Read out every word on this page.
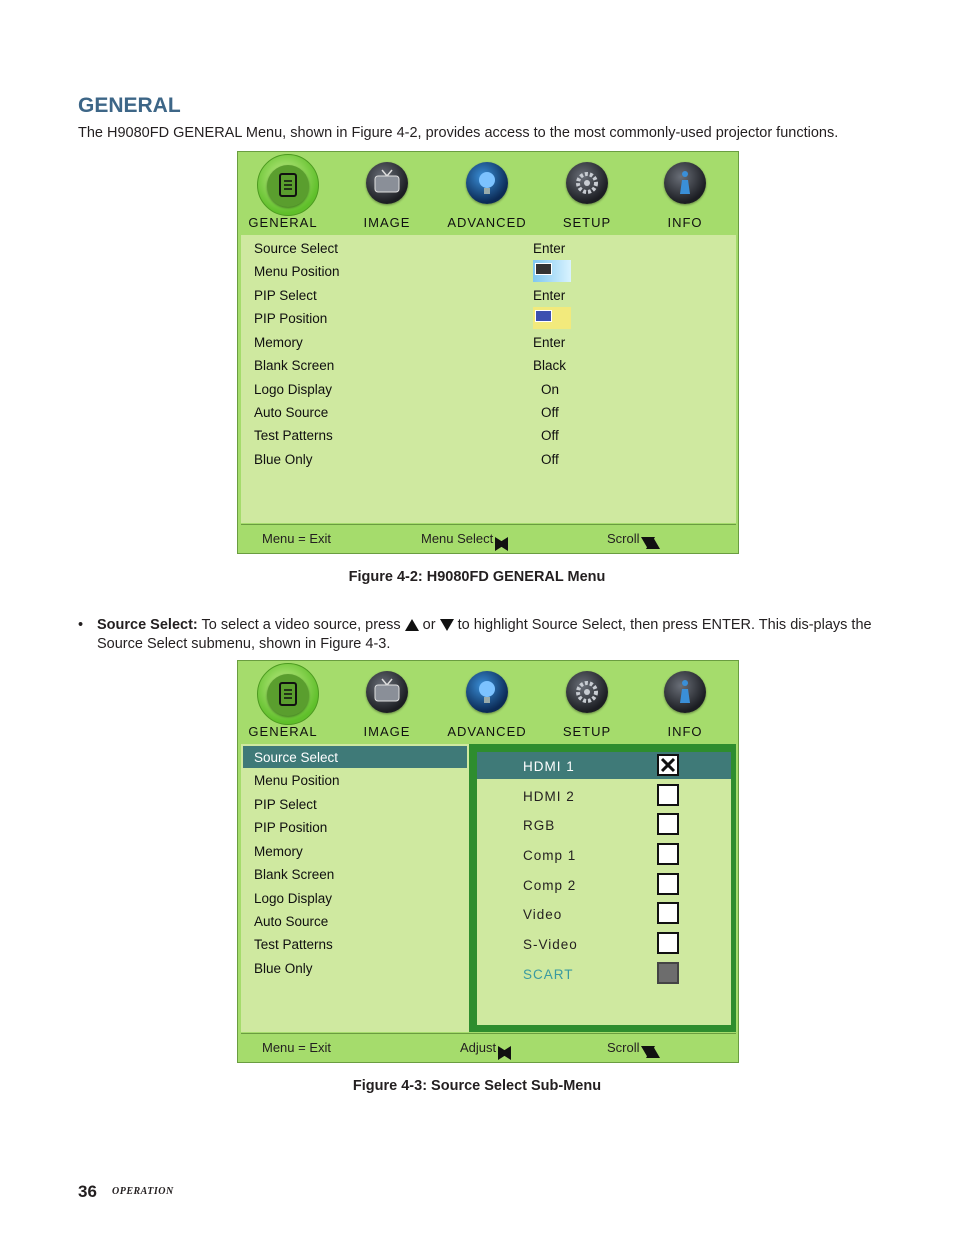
GENERAL

The H9080FD GENERAL Menu, shown in Figure 4-2, provides access to the most commonly-used projector functions.

GENERAL	IMAGE	ADVANCED	SETUP	INFO
Source Select	Enter
Menu Position
PIP Select	Enter
PIP Position
Memory	Enter
Blank Screen	Black
Logo Display	On
Auto Source	Off
Test Patterns	Off
Blue Only	Off
Menu = Exit	Menu Select	Scroll

Figure 4-2: H9080FD GENERAL Menu

• Source Select: To select a video source, press  or  to highlight Source Select, then press ENTER. This dis-plays the Source Select submenu, shown in Figure 4-3.
GENERAL	IMAGE	ADVANCED	SETUP	INFO
Source Select
Menu Position
PIP Select
PIP Position
Memory
Blank Screen
Logo Display
Auto Source
Test Patterns
Blue Only
HDMI 1
HDMI 2
RGB
Comp 1
Comp 2
Video
S-Video
SCART
Menu = Exit	Adjust	Scroll

Figure 4-3: Source Select Sub-Menu

36 OPERATION
